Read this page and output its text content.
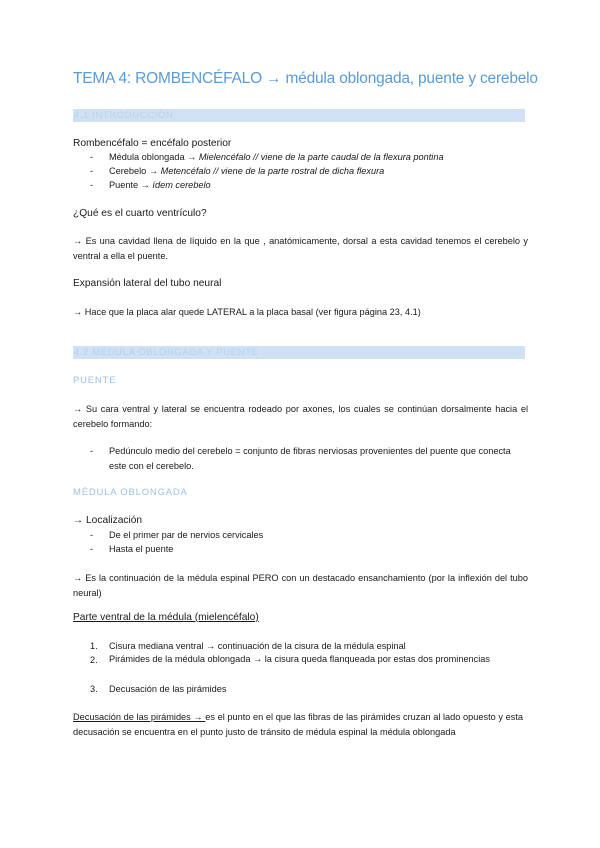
TEMA 4: ROMBENCÉFALO → médula oblongada, puente y cerebelo
4.1 INTRODUCCIÓN
Rombencéfalo = encéfalo posterior
- Médula oblongada → Mielencéfalo // viene de la parte caudal de la flexura pontina
- Cerebelo → Metencéfalo // viene de la parte rostral de dicha flexura
- Puente → ídem cerebelo
¿Qué es el cuarto ventrículo?
→ Es una cavidad llena de líquido en la que , anatómicamente, dorsal a esta cavidad tenemos el cerebelo y ventral a ella el puente.
Expansión lateral del tubo neural
→ Hace que la placa alar quede LATERAL a la placa basal (ver figura página 23, 4.1)
4.2 MÉDULA OBLONGADA Y PUENTE
PUENTE
→ Su cara ventral y lateral se encuentra rodeado por axones, los cuales se continúan dorsalmente hacia el cerebelo formando:
- Pedúnculo medio del cerebelo = conjunto de fibras nerviosas provenientes del puente que conecta este con el cerebelo.
MÉDULA OBLONGADA
→ Localización
- De el primer par de nervios cervicales
- Hasta el puente
→ Es la continuación de la médula espinal PERO con un destacado ensanchamiento (por la inflexión del tubo neural)
Parte ventral de la médula (mielencéfalo)
1. Cisura mediana ventral → continuación de la cisura de la médula espinal
2. Pirámides de la médula oblongada → la cisura queda flanqueada por estas dos prominencias
3. Decusación de las pirámides
Decusación de las pirámides → es el punto en el que las fibras de las pirámides cruzan al lado opuesto y esta decusación se encuentra en el punto justo de tránsito de médula espinal la médula oblongada
